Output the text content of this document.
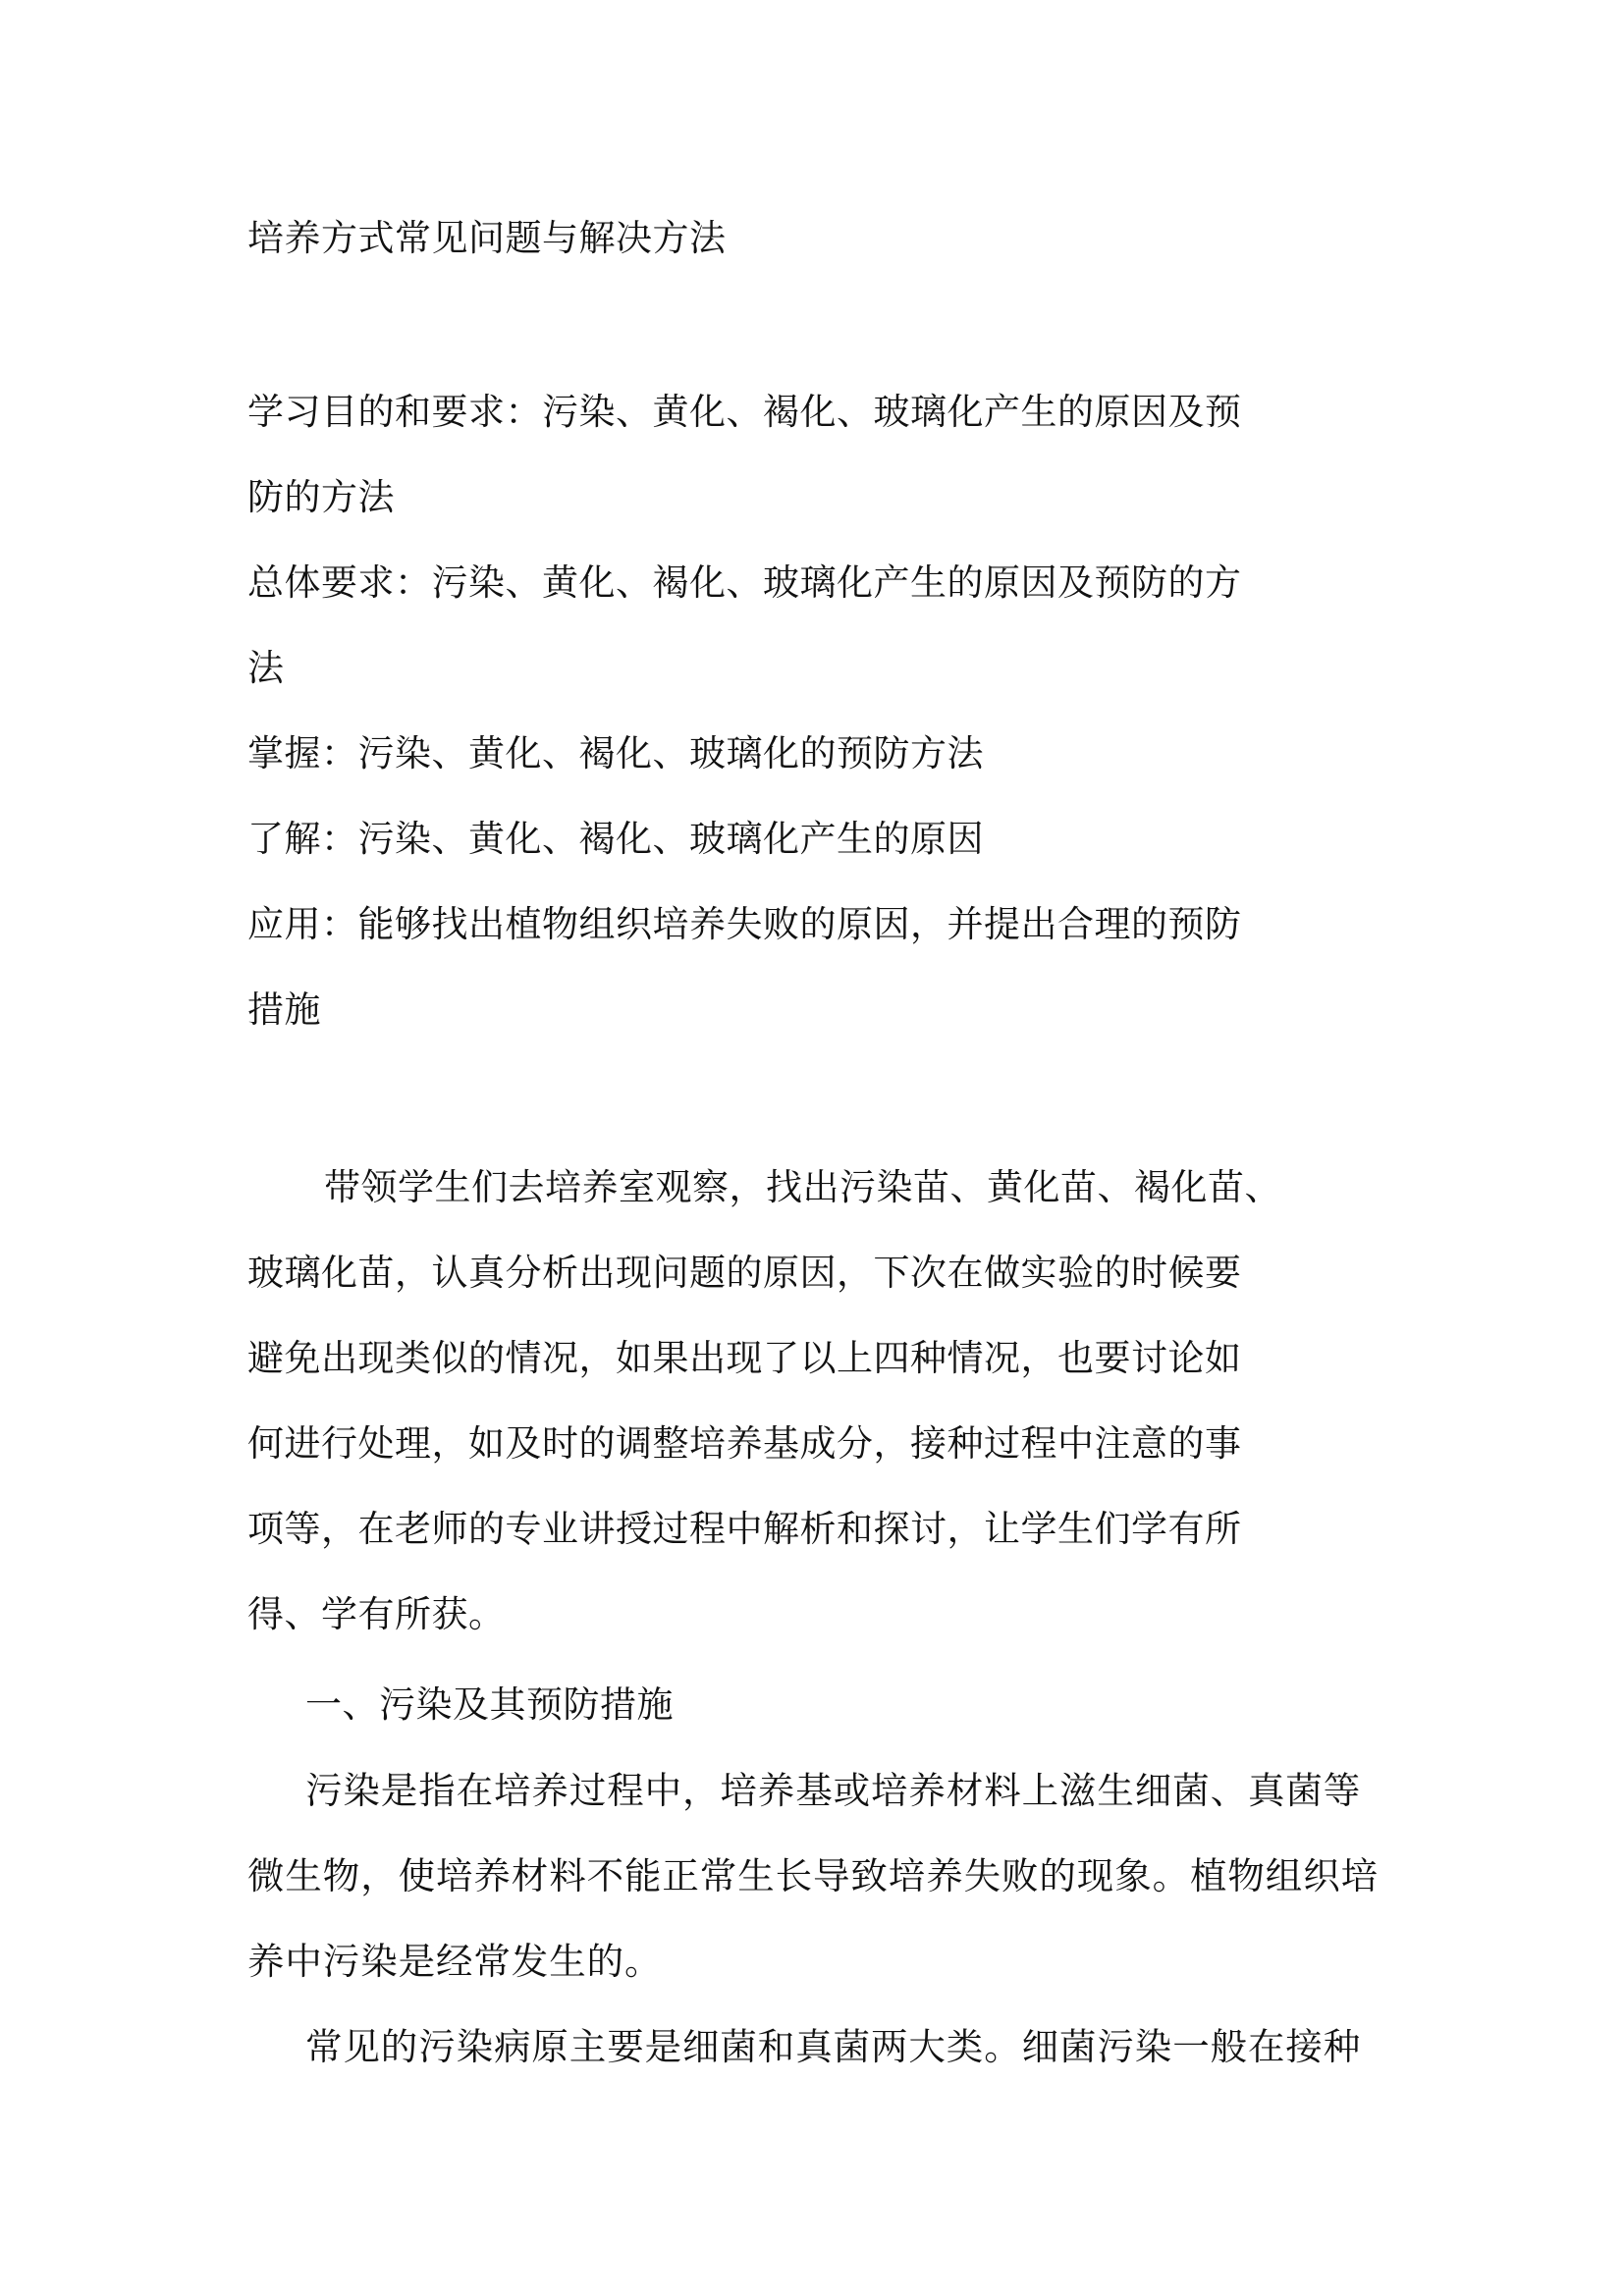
培养方式常见问题与解决方法
学习目的和要求：污染、黄化、褐化、玻璃化产生的原因及预
防的方法
总体要求：污染、黄化、褐化、玻璃化产生的原因及预防的方
法
掌握：污染、黄化、褐化、玻璃化的预防方法
了解：污染、黄化、褐化、玻璃化产生的原因
应用：能够找出植物组织培养失败的原因，并提出合理的预防
措施
带领学生们去培养室观察，找出污染苗、黄化苗、褐化苗、
玻璃化苗，认真分析出现问题的原因，下次在做实验的时候要
避免出现类似的情况，如果出现了以上四种情况，也要讨论如
何进行处理，如及时的调整培养基成分，接种过程中注意的事
项等，在老师的专业讲授过程中解析和探讨，让学生们学有所
得、学有所获。
一、污染及其预防措施
污染是指在培养过程中，培养基或培养材料上滋生细菌、真菌等
微生物，使培养材料不能正常生长导致培养失败的现象。植物组织培
养中污染是经常发生的。
常见的污染病原主要是细菌和真菌两大类。细菌污染一般在接种
